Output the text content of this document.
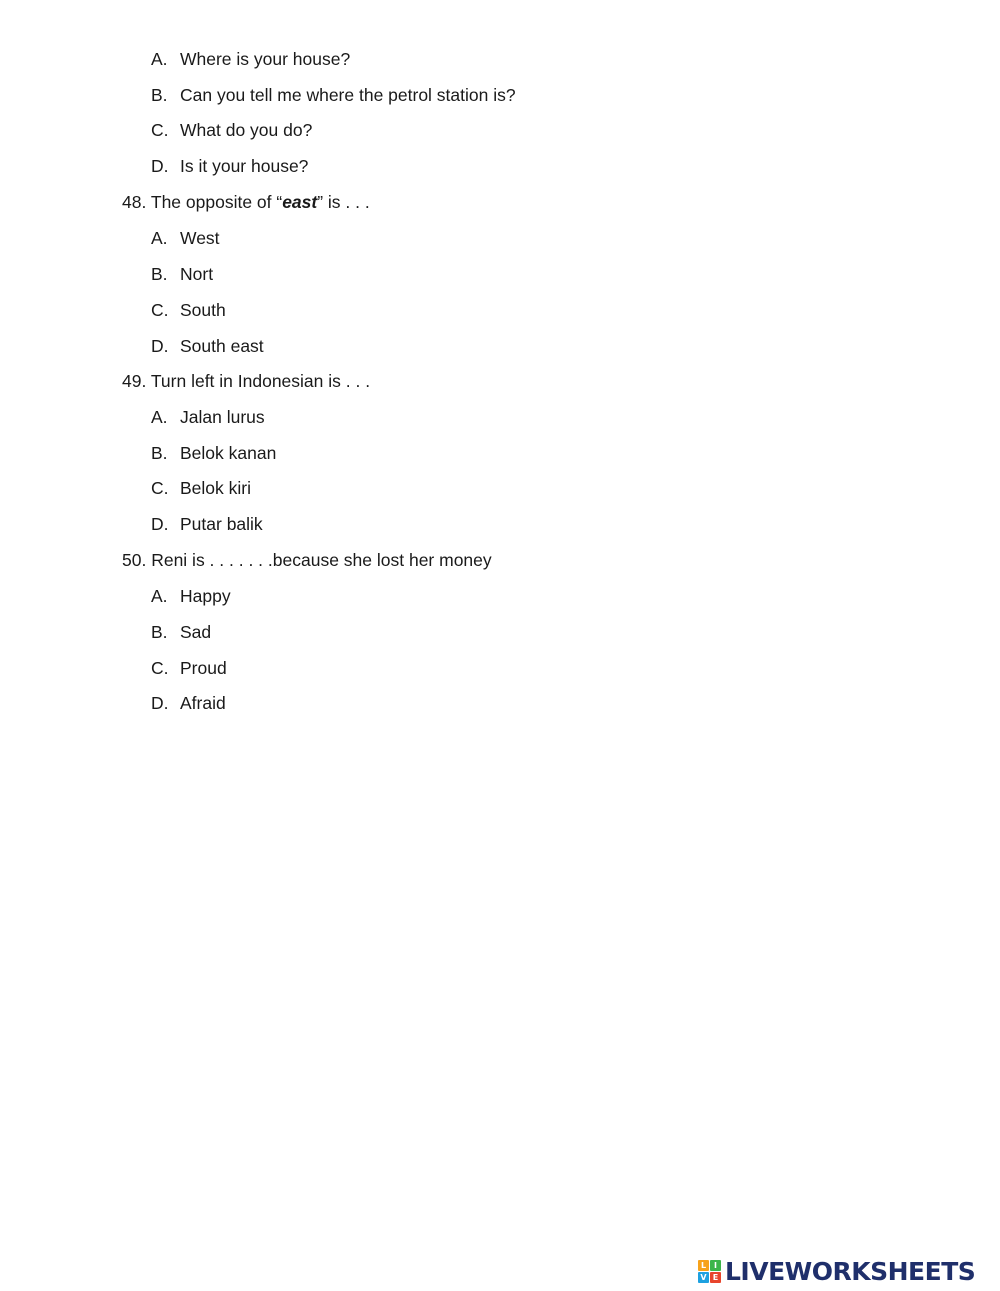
A. Where is your house?
B. Can you tell me where the petrol station is?
C. What do you do?
D. Is it your house?
48. The opposite of “east” is . . .
A. West
B. Nort
C. South
D. South east
49. Turn left in Indonesian is . . .
A. Jalan lurus
B. Belok kanan
C. Belok kiri
D. Putar balik
50. Reni is . . . . . . .because she lost her money
A. Happy
B. Sad
C. Proud
D. Afraid
L I
V E LIVEWORKSHEETS
